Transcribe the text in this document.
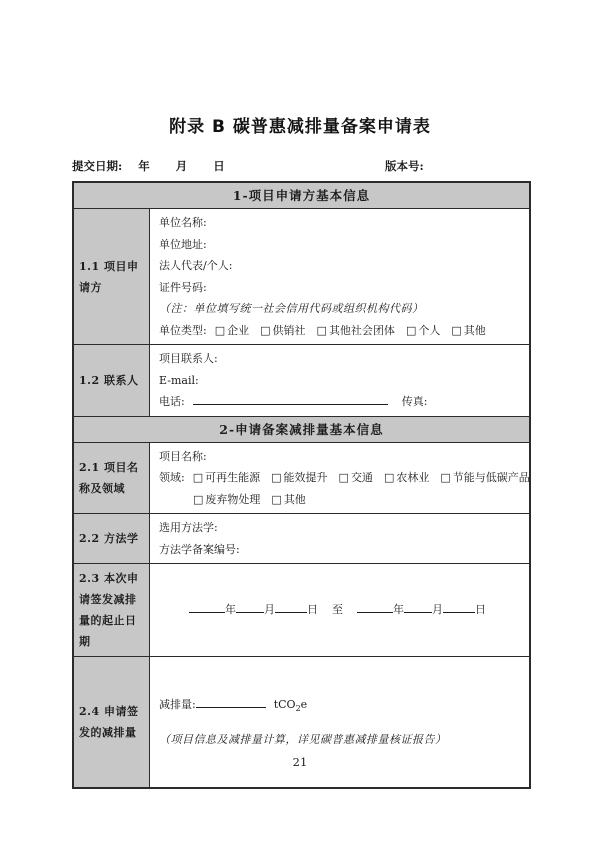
附录 B 碳普惠减排量备案申请表
提交日期: 年 月 日	版本号:
1-项目申请方基本信息
1.1 项目申请方
单位名称:
单位地址:
法人代表/个人:
证件号码:
（注：单位填写统一社会信用代码或组织机构代码）
单位类型: □ 企业 □ 供销社 □ 其他社会团体 □ 个人 □ 其他
1.2 联系人
项目联系人:
E-mail:
电话:	传真:
2-申请备案减排量基本信息
2.1 项目名称及领域
项目名称:
领域: □ 可再生能源 □ 能效提升 □ 交通 □ 农林业 □ 节能与低碳产品
□ 废弃物处理 □ 其他
2.2 方法学
选用方法学:
方法学备案编号:
2.3 本次申请签发减排量的起止日期
年	月	日 至	年	月	日
2.4 申请签发的减排量
减排量:	tCO$_2$e
（项目信息及减排量计算，详见碳普惠减排量核证报告）
21
